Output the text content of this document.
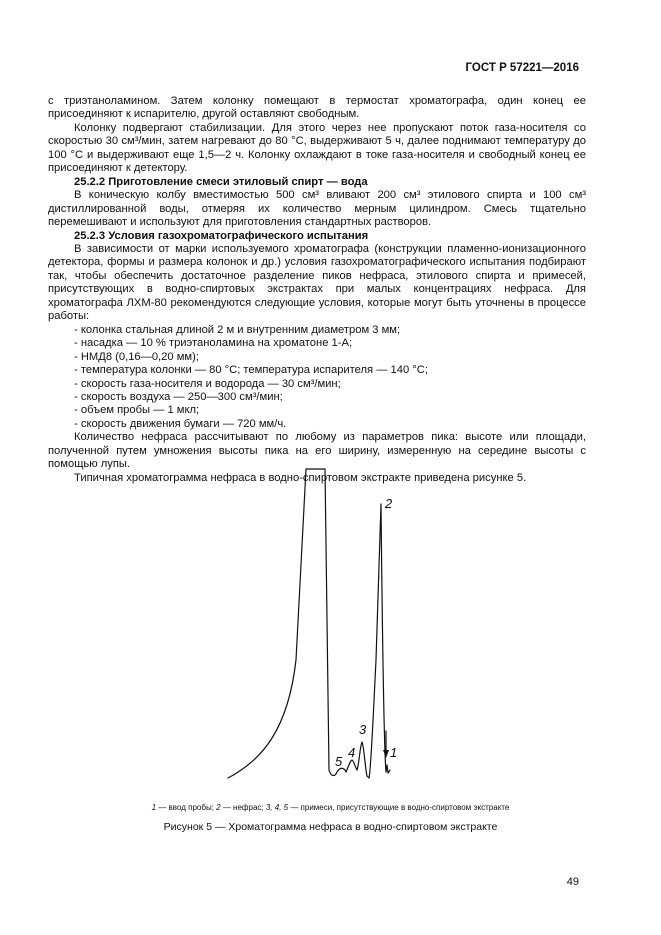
ГОСТ Р 57221—2016

с триэтаноламином. Затем колонку помещают в термостат хроматографа, один конец ее присоединяют к испарителю, другой оставляют свободным.

Колонку подвергают стабилизации. Для этого через нее пропускают поток газа-носителя со скоростью 30 см³/мин, затем нагревают до 80 °С, выдерживают 5 ч, далее поднимают температуру до 100 °С и выдерживают еще 1,5—2 ч. Колонку охлаждают в токе газа-носителя и свободный конец ее присоединяют к детектору.

25.2.2 Приготовление смеси этиловый спирт — вода

В коническую колбу вместимостью 500 см³ вливают 200 см³ этилового спирта и 100 см³ дистиллированной воды, отмеряя их количество мерным цилиндром. Смесь тщательно перемешивают и используют для приготовления стандартных растворов.

25.2.3 Условия газохроматографического испытания

В зависимости от марки используемого хроматографа (конструкции пламенно-ионизационного детектора, формы и размера колонок и др.) условия газохроматографического испытания подбирают так, чтобы обеспечить достаточное разделение пиков нефраса, этилового спирта и примесей, присутствующих в водно-спиртовых экстрактах при малых концентрациях нефраса. Для хроматографа ЛХМ-80 рекомендуются следующие условия, которые могут быть уточнены в процессе работы:

- колонка стальная длиной 2 м и внутренним диаметром 3 мм;
- насадка — 10 % триэтаноламина на хроматоне 1-А;
- НМД8 (0,16—0,20 мм);
- температура колонки — 80 °С; температура испарителя — 140 °С;
- скорость газа-носителя и водорода — 30 см³/мин;
- скорость воздуха — 250—300 см³/мин;
- объем пробы — 1 мкл;
- скорость движения бумаги — 720 мм/ч.

Количество нефраса рассчитывают по любому из параметров пика: высоте или площади, полученной путем умножения высоты пика на его ширину, измеренную на середине высоты с помощью лупы.

Типичная хроматограмма нефраса в водно-спиртовом экстракте приведена рисунке 5.

2
3
4
5
1
1 — ввод пробы; 2 — нефрас; 3, 4, 5 — примеси, присутствующие в водно-спиртовом экстракте
Рисунок 5 — Хроматограмма нефраса в водно-спиртовом экстракте
49
